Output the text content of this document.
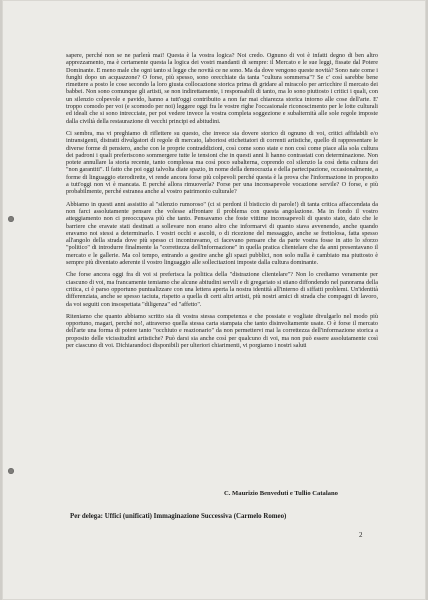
sapere, perché non se ne parlerà mai! Questa è la vostra logica? Noi credo. Ognuno di voi è infatti degno di ben altro apprezzamento, ma è certamente questa la logica dei vostri mandanti di sempre: il Mercato e le sue leggi, fissate dal Potere Dominante. E meno male che ogni tanto si legge che novità ce ne sono. Ma da dove vengono queste novità? Sono nate come i funghi dopo un acquazzone? O forse, più spesso, sono orecchiate da tanta "cultura sommersa"? Se c' così sarebbe bene rimettere a posto le cose secondo la loro giusta collocazione storica prima di gridare al miracolo per arricchire il mercato dei babbei. Non sono comunque gli artisti, se non indirettamente, i responsabili di tanto, ma lo sono piuttosto i critici i quali, con un silenzio colpevole e pavido, hanno a tutt'oggi contribuito a non far mai chiarezza storica intorno alle cose dell'arte. E' troppo comodo per voi (e scomodo per noi) leggere oggi fra le vostre righe l'occasionale riconoscimento per le lotte culturali ed ideali che si sono intrecciate, per poi vedere invece la vostra completa soggezione e subalternità alle sole regole imposte dalla civiltà della restaurazione di vecchi principi ed abitudini.

Ci sembra, ma vi preghiamo di riflettere su questo, che invece sia dovere storico di ognuno di voi, critici affidabili e/o intransigenti, distratti divulgatori di regole di mercato, laboriosi etichettatori di correnti artistiche, quello di rappresentare le diverse forme di pensiero, anche con le proprie contraddizioni, così come sono state e non così come piace alla sola cultura dei padroni i quali preferiscono sommergere tutte le tensioni che in questi anni li hanno contrastati con determinazione. Non potete annullare la storia recente, tanto complessa ma così poco subalterna, coprendo col silenzio la così detta cultura dei "non garantiti". Il fatto che poi oggi talvolta diate spazio, in nome della democrazia e della partecipazione, occasionalmente, a forme di linguaggio eterodirette, vi rende ancora forse più colpevoli perché questa è la prova che l'informazione in proposito a tutt'oggi non vi è mancata. E perché allora rimuoverla? Forse per una inconsapevole vocazione servile? O forse, e più probabilmente, perché estranea anche al vostro patrimonio culturale?

Abbiamo in questi anni assistito al "silenzio rumoroso" (ci si perdoni il bisticcio di parole!) di tanta critica affaccendata da non farci assolutamente pensare che volesse affrontare il problema con questa angolazione. Ma in fondo il vostro atteggiamento non ci preoccupava più che tanto. Pensavamo che foste vittime inconsapevoli di questo stato, dato che le barriere che eravate stati destinati a sollevare non erano altro che informarvi di quanto stava avvenendo, anche quando eravamo noi stessi a determinarlo. I vostri occhi e ascolti, o di ricezione del messaggio, anche se frettolosa, fatta spesso all'angolo della strada dove più spesso ci incontravamo, ci facevano pensare che da parte vostra fosse in atto lo sforzo "politico" di introdurre finalmente la "correttezza dell'informazione" in quella pratica clientelare che da anni presentavano il mercato e le gallerie. Ma col tempo, entrando a gestire anche gli spazi pubblici, non solo nulla è cambiato ma piuttosto è sempre più diventato aderente il vostro linguaggio alle sollecitazioni imposte dalla cultura dominante.

Che forse ancora oggi fra di voi si preferisca la politica della "distrazione clientelare"? Non lo crediamo veramente per ciascuno di voi, ma francamente temiamo che alcune abitudini servili e di gregariato si stiano diffondendo nel panorama della critica, ci è parso opportuno puntualizzare con una lettera aperta la nostra identità all'interno di siffatti problemi. Un'identità differenziata, anche se spesso taciuta, rispetto a quella di certi altri artisti, più nostri amici di strada che compagni di lavoro, da voi seguiti con insospettata "diligenza" ed "affetto".

Riteniamo che quanto abbiamo scritto sia di vostra stessa competenza e che possiate e vogliate divulgarlo nel modo più opportuno, magari, perché no!, attraverso quella stessa carta stampata che tanto disinvoltamente usate. O è forse il mercato dell'arte una forma di potere tanto "occhiuto e reazionario" da non permettervi mai la correttezza dell'informazione storica a proposito delle vicissitudini artistiche? Può darsi sia anche così per qualcuno di voi, ma non può essere assolutamente così per ciascuno di voi. Dichiarandoci disponibili per ulteriori chiarimenti, vi porgiamo i nostri saluti

C. Maurizio Benveduti e Tullio Catalano
Per delega: Uffici (unificati) Immaginazione Successiva (Carmelo Romeo)
2
